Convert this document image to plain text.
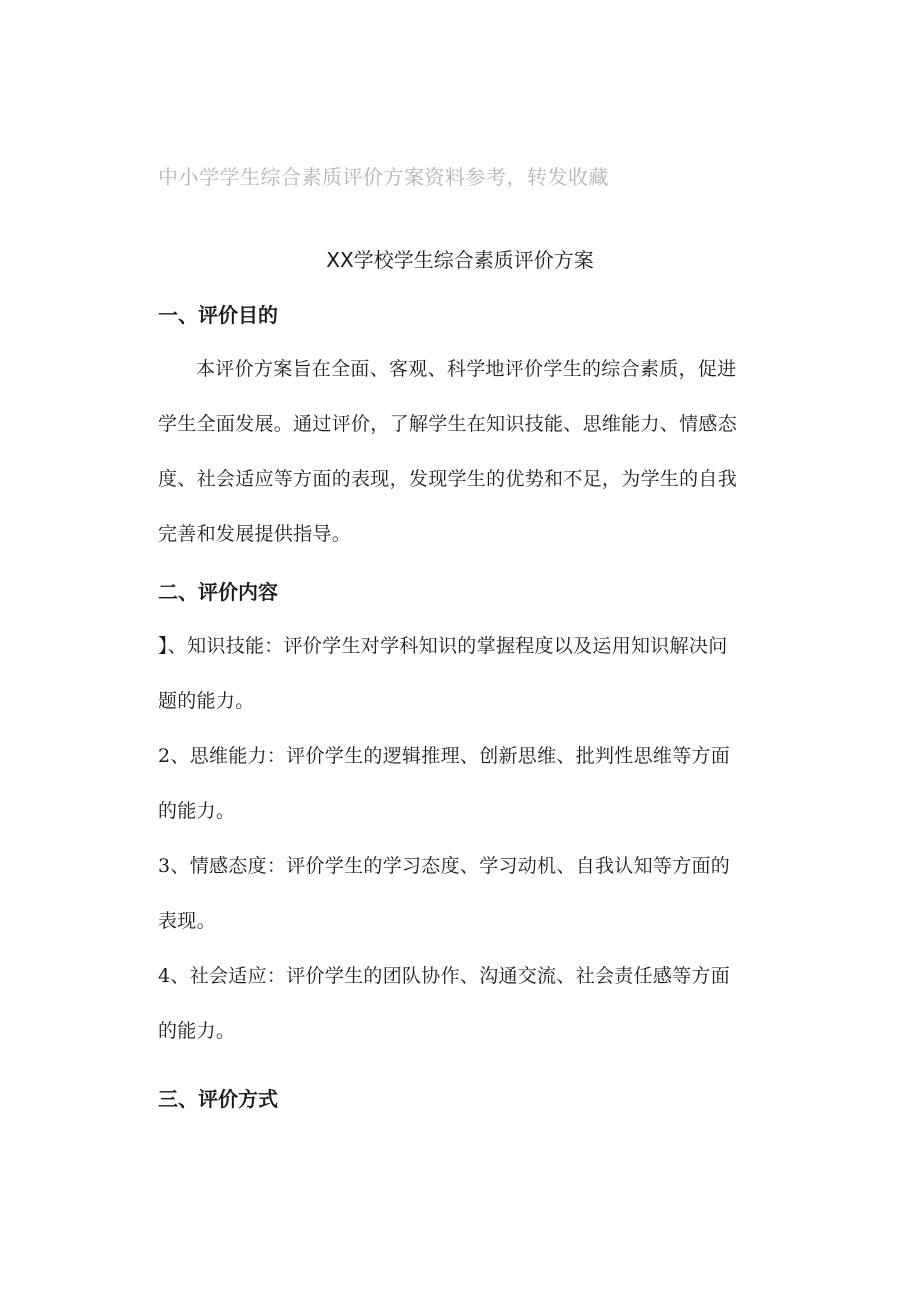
中小学学生综合素质评价方案资料参考，转发收藏
XX学校学生综合素质评价方案
一、评价目的
本评价方案旨在全面、客观、科学地评价学生的综合素质，促进
学生全面发展。通过评价，了解学生在知识技能、思维能力、情感态
度、社会适应等方面的表现，发现学生的优势和不足，为学生的自我
完善和发展提供指导。
二、评价内容
】、知识技能：评价学生对学科知识的掌握程度以及运用知识解决问
题的能力。
2、思维能力：评价学生的逻辑推理、创新思维、批判性思维等方面
的能力。
3、情感态度：评价学生的学习态度、学习动机、自我认知等方面的
表现。
4、社会适应：评价学生的团队协作、沟通交流、社会责任感等方面
的能力。
三、评价方式
